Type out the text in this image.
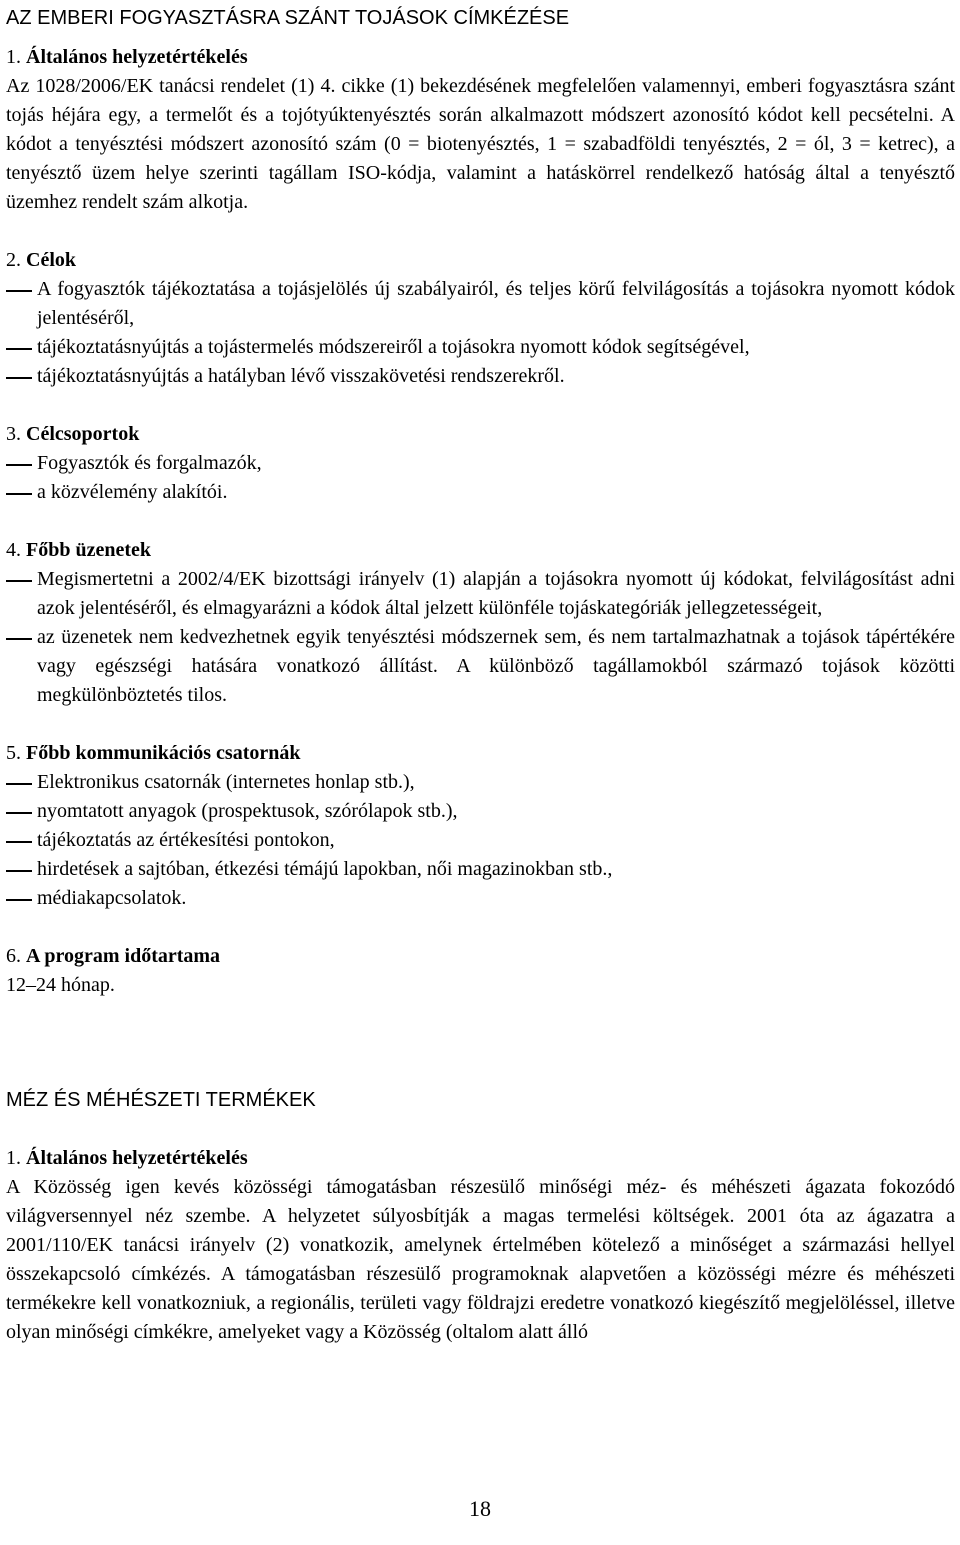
AZ EMBERI FOGYASZTÁSRA SZÁNT TOJÁSOK CÍMKÉZÉSE
1. Általános helyzetértékelés

Az 1028/2006/EK tanácsi rendelet (1) 4. cikke (1) bekezdésének megfelelően valamennyi, emberi fogyasztásra szánt tojás héjára egy, a termelőt és a tojótyúktenyésztés során alkalmazott módszert azonosító kódot kell pecsételni. A kódot a tenyésztési módszert azonosító szám (0 = biotenyésztés, 1 = szabadföldi tenyésztés, 2 = ól, 3 = ketrec), a tenyésztő üzem helye szerinti tagállam ISO-kódja, valamint a hatáskörrel rendelkező hatóság által a tenyésztő üzemhez rendelt szám alkotja.

2. Célok
A fogyasztók tájékoztatása a tojásjelölés új szabályairól, és teljes körű felvilágosítás a tojásokra nyomott kódok jelentéséről,
tájékoztatásnyújtás a tojástermelés módszereiről a tojásokra nyomott kódok segítségével,
tájékoztatásnyújtás a hatályban lévő visszakövetési rendszerekről.
3. Célcsoportok
Fogyasztók és forgalmazók,
a közvélemény alakítói.
4. Főbb üzenetek
Megismertetni a 2002/4/EK bizottsági irányelv (1) alapján a tojásokra nyomott új kódokat, felvilágosítást adni azok jelentéséről, és elmagyarázni a kódok által jelzett különféle tojáskategóriák jellegzetességeit,
az üzenetek nem kedvezhetnek egyik tenyésztési módszernek sem, és nem tartalmazhatnak a tojások tápértékére vagy egészségi hatására vonatkozó állítást. A különböző tagállamokból származó tojások közötti megkülönböztetés tilos.
5. Főbb kommunikációs csatornák
Elektronikus csatornák (internetes honlap stb.),
nyomtatott anyagok (prospektusok, szórólapok stb.),
tájékoztatás az értékesítési pontokon,
hirdetések a sajtóban, étkezési témájú lapokban, női magazinokban stb.,
médiakapcsolatok.
6. A program időtartama

12–24 hónap.

MÉZ ÉS MÉHÉSZETI TERMÉKEK
1. Általános helyzetértékelés

A Közösség igen kevés közösségi támogatásban részesülő minőségi méz- és méhészeti ágazata fokozódó világversennyel néz szembe. A helyzetet súlyosbítják a magas termelési költségek. 2001 óta az ágazatra a 2001/110/EK tanácsi irányelv (2) vonatkozik, amelynek értelmében kötelező a minőséget a származási hellyel összekapcsoló címkézés. A támogatásban részesülő programoknak alapvetően a közösségi mézre és méhészeti termékekre kell vonatkozniuk, a regionális, területi vagy földrajzi eredetre vonatkozó kiegészítő megjelöléssel, illetve olyan minőségi címkékre, amelyeket vagy a Közösség (oltalom alatt álló

18
